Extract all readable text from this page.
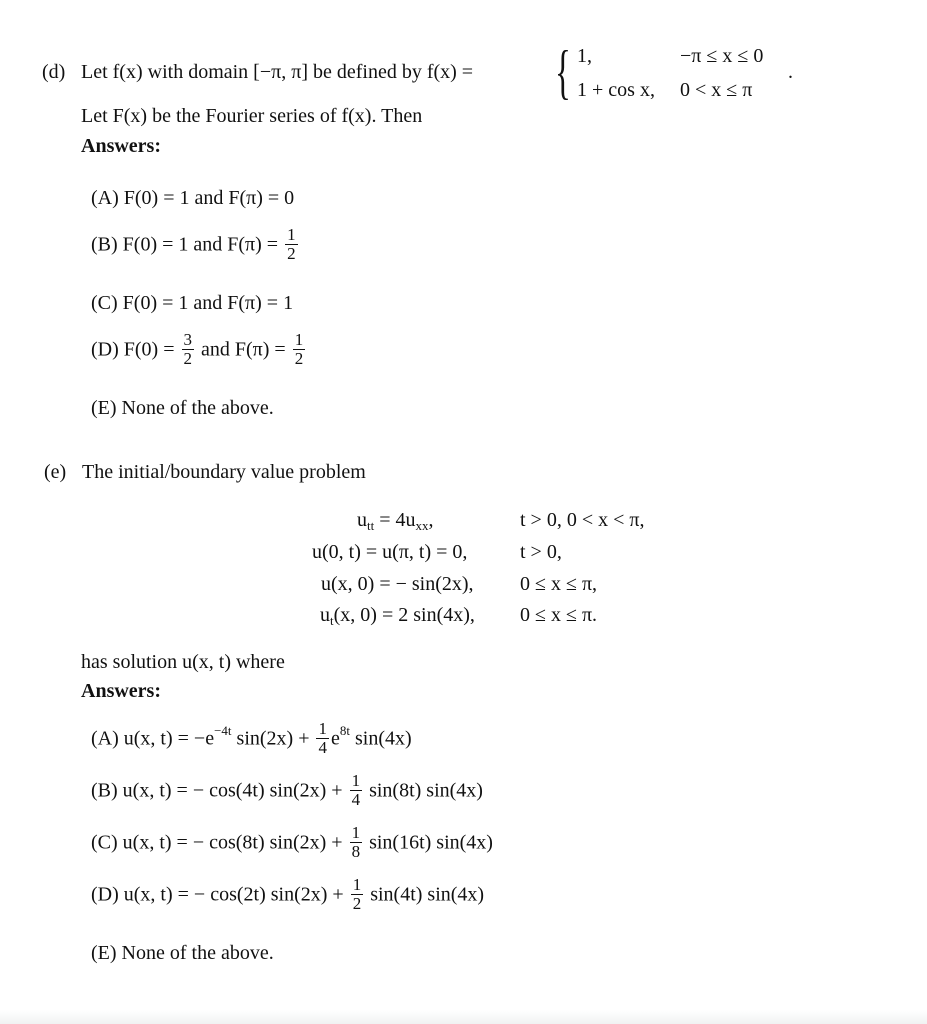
(d) Let f(x) with domain [−π, π] be defined by f(x) = { 1,	−π ≤ x ≤ 0
1 + cos x, 0 < x ≤ π
.
Let F(x) be the Fourier series of f(x). Then
Answers:
(A) F(0) = 1 and F(π) = 0
(B) F(0) = 1 and $F(\pi) = \frac{1}{2}$
(C) F(0) = 1 and F(π) = 1
(D) $F(0) = \frac{3}{2}$ and $F(\pi) = \frac{1}{2}$
(E) None of the above.
(e) The initial/boundary value problem
$u_{tt} = 4u_{xx}$,	t > 0, 0 < x < π,
u(0, t) = u(π, t) = 0,	t > 0,
u(x, 0) = − sin(2x), 0 ≤ x ≤ π,
$u_t(x$, 0) = 2 sin(4x), 0 ≤ x ≤ π.
has solution u(x, t) where
Answers:
(A) u(x, $t) = -e^{-4t}$ $\sin(2x) + \frac{1}{4} e^{8t}$ sin(4x)
(B) u(x, t) = − cos(4t) $\sin(2x) + \frac{1}{4} \sin(8t)$ sin(4x)
(C) u(x, t) = − cos(8t) $\sin(2x) + \frac{1}{8} \sin(16t)$ sin(4x)
(D) u(x, t) = − cos(2t) $\sin(2x) + \frac{1}{2} \sin(4t)$ sin(4x)
(E) None of the above.
